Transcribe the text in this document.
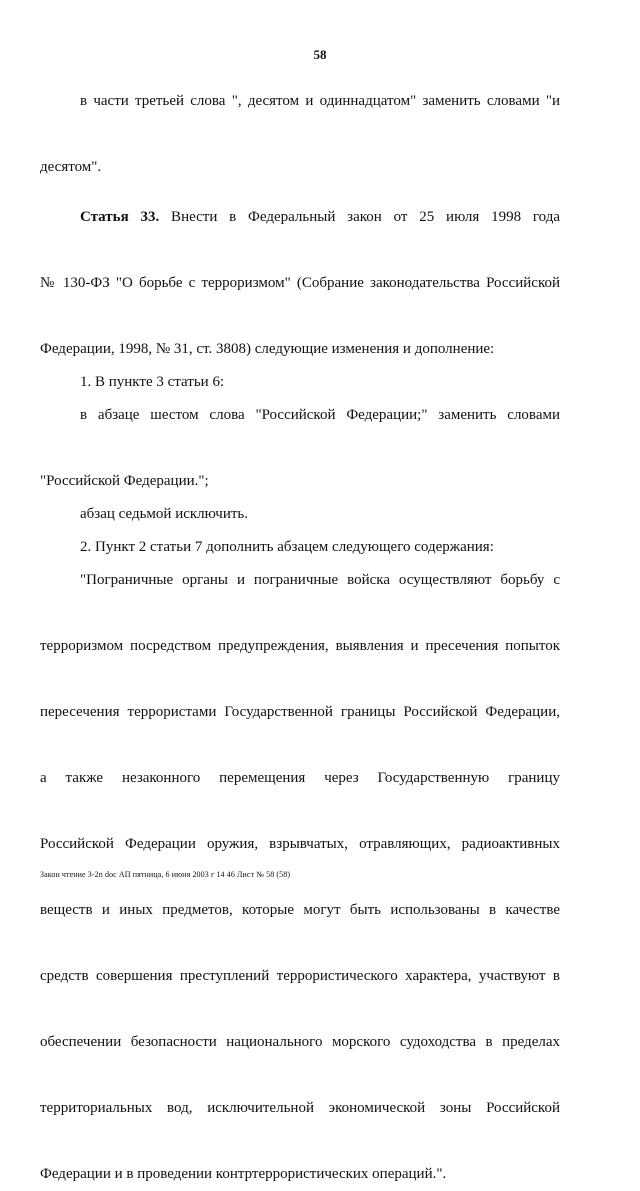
58
в части третьей слова ", десятом и одиннадцатом" заменить словами "и
десятом".
Статья 33. Внести в Федеральный закон от 25 июля 1998 года
№ 130-ФЗ "О борьбе с терроризмом" (Собрание законодательства Российской
Федерации, 1998, № 31, ст. 3808) следующие изменения и дополнение:
1. В пункте 3 статьи 6:
в абзаце шестом слова "Российской Федерации;" заменить словами
"Российской Федерации.";
абзац седьмой исключить.
2. Пункт 2 статьи 7 дополнить абзацем следующего содержания:
"Пограничные органы и пограничные войска осуществляют борьбу с
терроризмом посредством предупреждения, выявления и пресечения попыток
пересечения террористами Государственной границы Российской Федерации,
а также незаконного перемещения через Государственную границу
Российской Федерации оружия, взрывчатых, отравляющих, радиоактивных
веществ и иных предметов, которые могут быть использованы в качестве
средств совершения преступлений террористического характера, участвуют в
обеспечении безопасности национального морского судоходства в пределах
территориальных вод, исключительной экономической зоны Российской
Федерации и в проведении контртеррористических операций.".
Закон чтение 3-2n doc АП пятница, 6 июня 2003 г 14 46 Лист № 58 (58)
